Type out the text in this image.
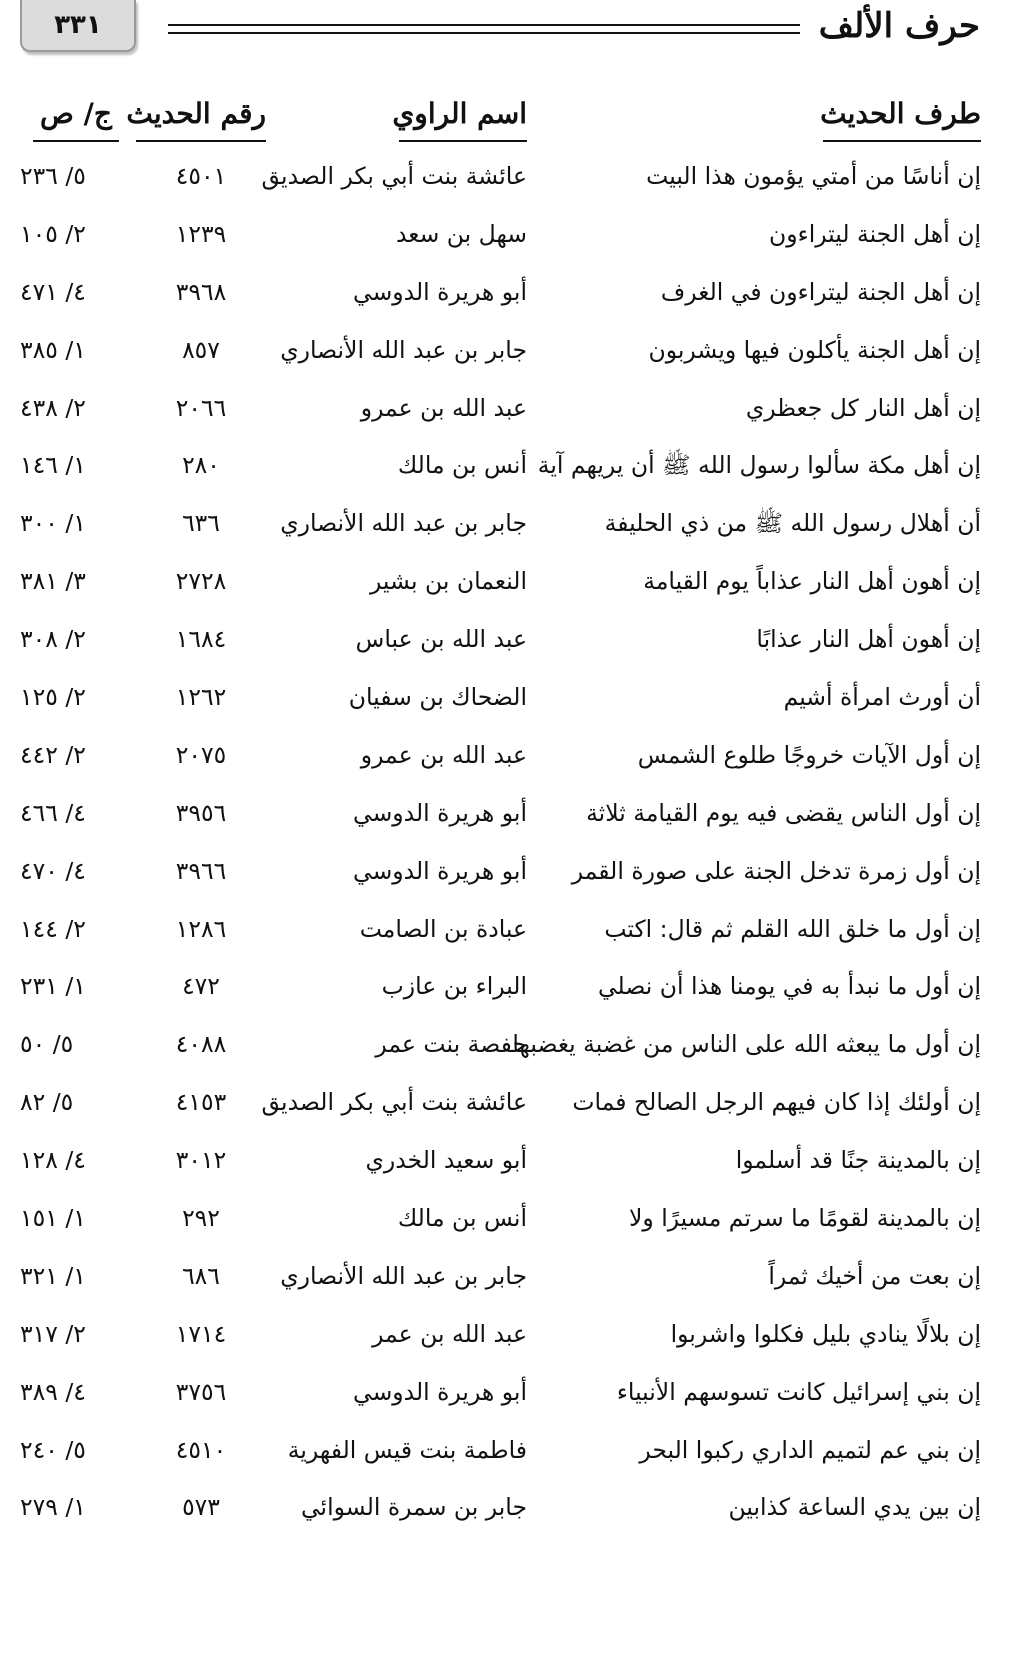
حرف الألف
٣٣١
طرف الحديث
اسم الراوي
رقم الحديث
ج/ ص
إن أناسًا من أمتي يؤمون هذا البيت
عائشة بنت أبي بكر الصديق
٤٥٠١
٥/ ٢٣٦
إن أهل الجنة ليتراءون
سهل بن سعد
١٢٣٩
٢/ ١٠٥
إن أهل الجنة ليتراءون في الغرف
أبو هريرة الدوسي
٣٩٦٨
٤/ ٤٧١
إن أهل الجنة يأكلون فيها ويشربون
جابر بن عبد الله الأنصاري
٨٥٧
١/ ٣٨٥
إن أهل النار كل جعظري
عبد الله بن عمرو
٢٠٦٦
٢/ ٤٣٨
إن أهل مكة سألوا رسول الله ﷺ أن يريهم آية
أنس بن مالك
٢٨٠
١/ ١٤٦
أن أهلال رسول الله ﷺ من ذي الحليفة
جابر بن عبد الله الأنصاري
٦٣٦
١/ ٣٠٠
إن أهون أهل النار عذاباً يوم القيامة
النعمان بن بشير
٢٧٢٨
٣/ ٣٨١
إن أهون أهل النار عذابًا
عبد الله بن عباس
١٦٨٤
٢/ ٣٠٨
أن أورث امرأة أشيم
الضحاك بن سفيان
١٢٦٢
٢/ ١٢٥
إن أول الآيات خروجًا طلوع الشمس
عبد الله بن عمرو
٢٠٧٥
٢/ ٤٤٢
إن أول الناس يقضى فيه يوم القيامة ثلاثة
أبو هريرة الدوسي
٣٩٥٦
٤/ ٤٦٦
إن أول زمرة تدخل الجنة على صورة القمر
أبو هريرة الدوسي
٣٩٦٦
٤/ ٤٧٠
إن أول ما خلق الله القلم ثم قال: اكتب
عبادة بن الصامت
١٢٨٦
٢/ ١٤٤
إن أول ما نبدأ به في يومنا هذا أن نصلي
البراء بن عازب
٤٧٢
١/ ٢٣١
إن أول ما يبعثه الله على الناس من غضبة يغضبها
حفصة بنت عمر
٤٠٨٨
٥/ ٥٠
إن أولئك إذا كان فيهم الرجل الصالح فمات
عائشة بنت أبي بكر الصديق
٤١٥٣
٥/ ٨٢
إن بالمدينة جنًا قد أسلموا
أبو سعيد الخدري
٣٠١٢
٤/ ١٢٨
إن بالمدينة لقومًا ما سرتم مسيرًا ولا
أنس بن مالك
٢٩٢
١/ ١٥١
إن بعت من أخيك ثمراً
جابر بن عبد الله الأنصاري
٦٨٦
١/ ٣٢١
إن بلالًا ينادي بليل فكلوا واشربوا
عبد الله بن عمر
١٧١٤
٢/ ٣١٧
إن بني إسرائيل كانت تسوسهم الأنبياء
أبو هريرة الدوسي
٣٧٥٦
٤/ ٣٨٩
إن بني عم لتميم الداري ركبوا البحر
فاطمة بنت قيس الفهرية
٤٥١٠
٥/ ٢٤٠
إن بين يدي الساعة كذابين
جابر بن سمرة السوائي
٥٧٣
١/ ٢٧٩
